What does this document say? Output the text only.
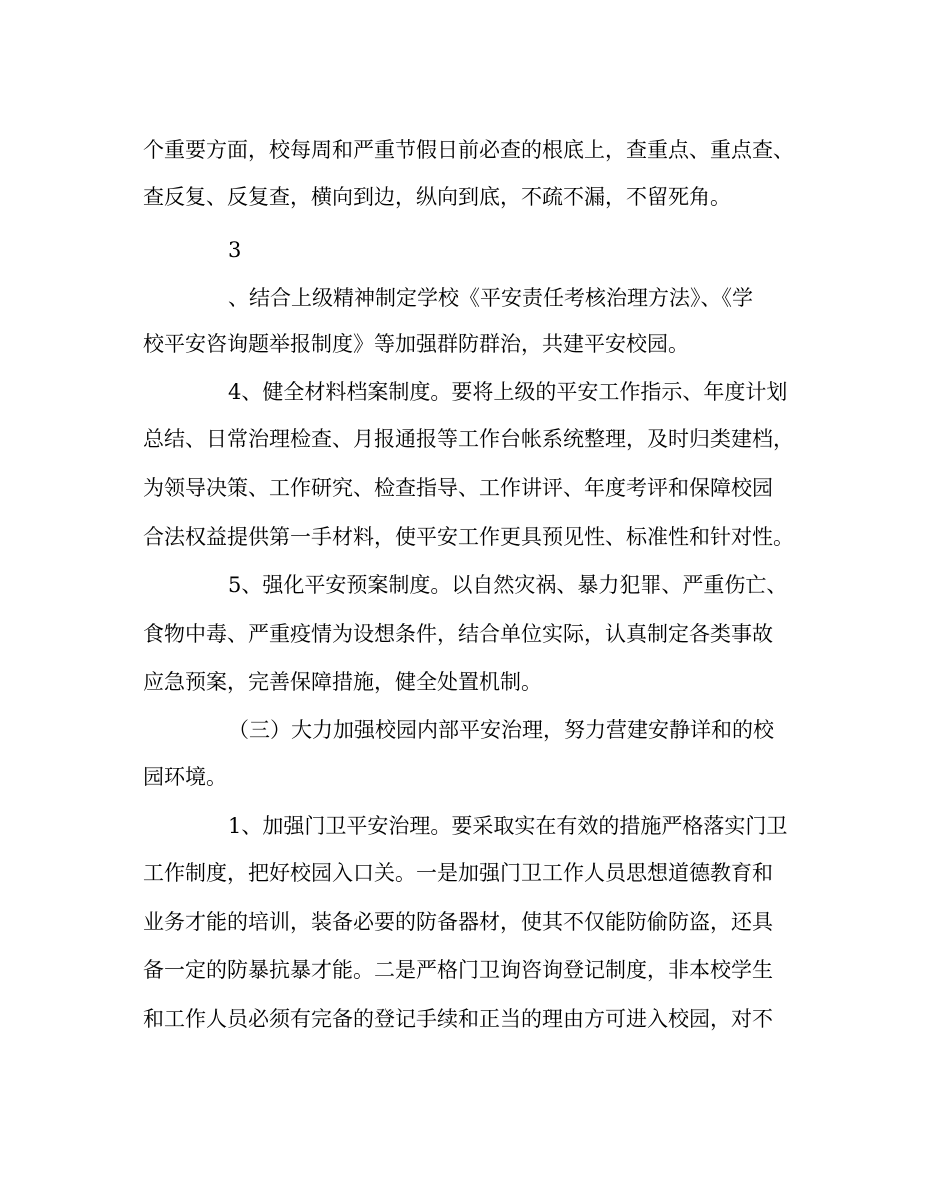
个重要方面，校每周和严重节假日前必查的根底上，查重点、重点查、

查反复、反复查，横向到边，纵向到底，不疏不漏，不留死角。

3

、结合上级精神制定学校《平安责任考核治理方法》、《学

校平安咨询题举报制度》等加强群防群治，共建平安校园。

4、健全材料档案制度。要将上级的平安工作指示、年度计划

总结、日常治理检查、月报通报等工作台帐系统整理，及时归类建档，

为领导决策、工作研究、检查指导、工作讲评、年度考评和保障校园

合法权益提供第一手材料，使平安工作更具预见性、标准性和针对性。

5、强化平安预案制度。以自然灾祸、暴力犯罪、严重伤亡、

食物中毒、严重疫情为设想条件，结合单位实际，认真制定各类事故

应急预案，完善保障措施，健全处置机制。

（三）大力加强校园内部平安治理，努力营建安静详和的校

园环境。

1、加强门卫平安治理。要采取实在有效的措施严格落实门卫

工作制度，把好校园入口关。一是加强门卫工作人员思想道德教育和

业务才能的培训，装备必要的防备器材，使其不仅能防偷防盗，还具

备一定的防暴抗暴才能。二是严格门卫询咨询登记制度，非本校学生

和工作人员必须有完备的登记手续和正当的理由方可进入校园，对不
